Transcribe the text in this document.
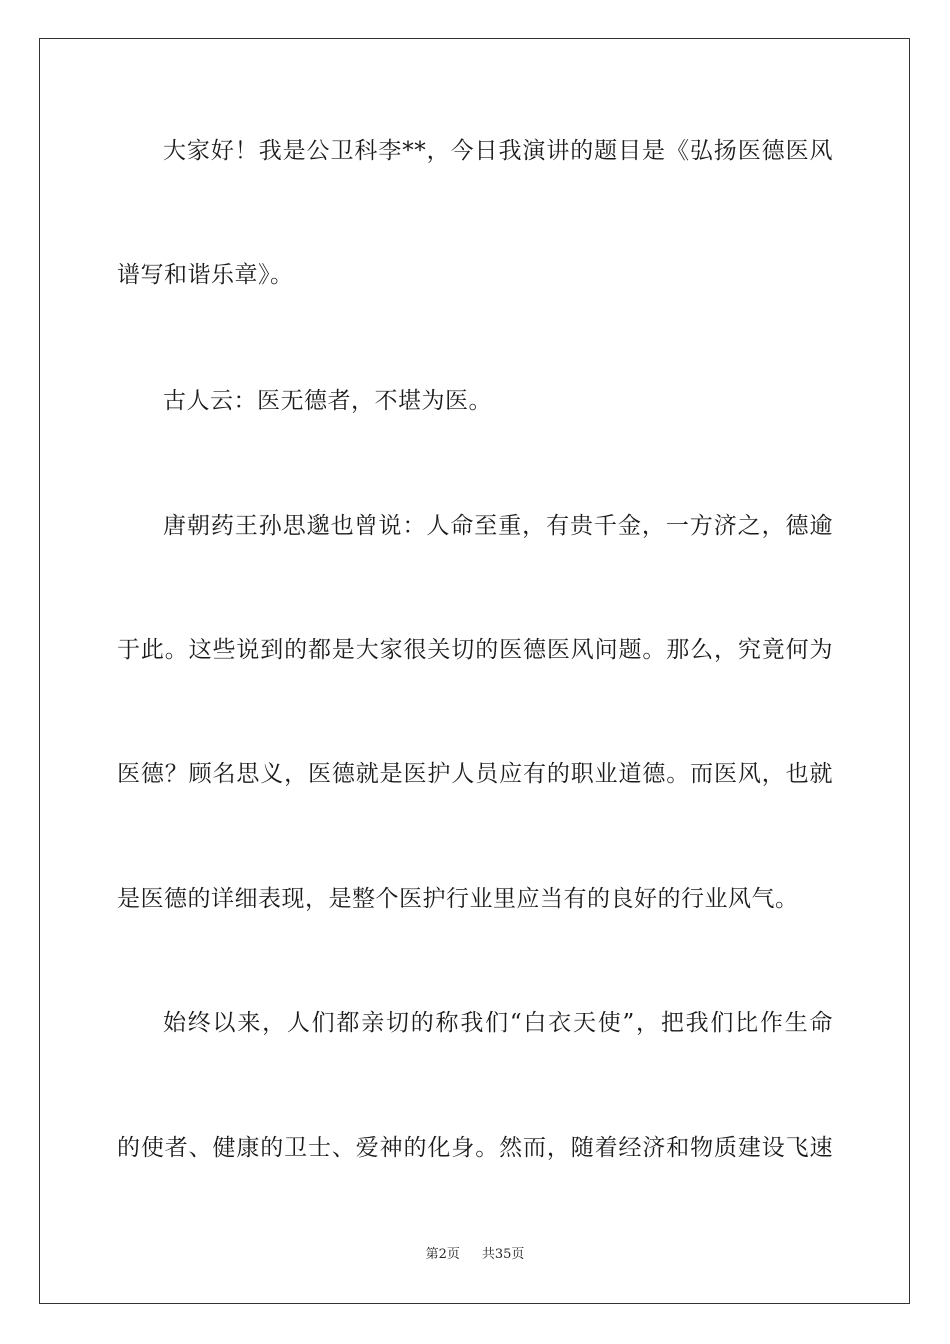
大家好！我是公卫科李**，今日我演讲的题目是《弘扬医德医风
谱写和谐乐章》。
古人云：医无德者，不堪为医。
唐朝药王孙思邈也曾说：人命至重，有贵千金，一方济之，德逾
于此。这些说到的都是大家很关切的医德医风问题。那么，究竟何为
医德？顾名思义，医德就是医护人员应有的职业道德。而医风，也就
是医德的详细表现，是整个医护行业里应当有的良好的行业风气。
始终以来，人们都亲切的称我们“白衣天使”，把我们比作生命
的使者、健康的卫士、爱神的化身。然而，随着经济和物质建设飞速
第2页 共35页
